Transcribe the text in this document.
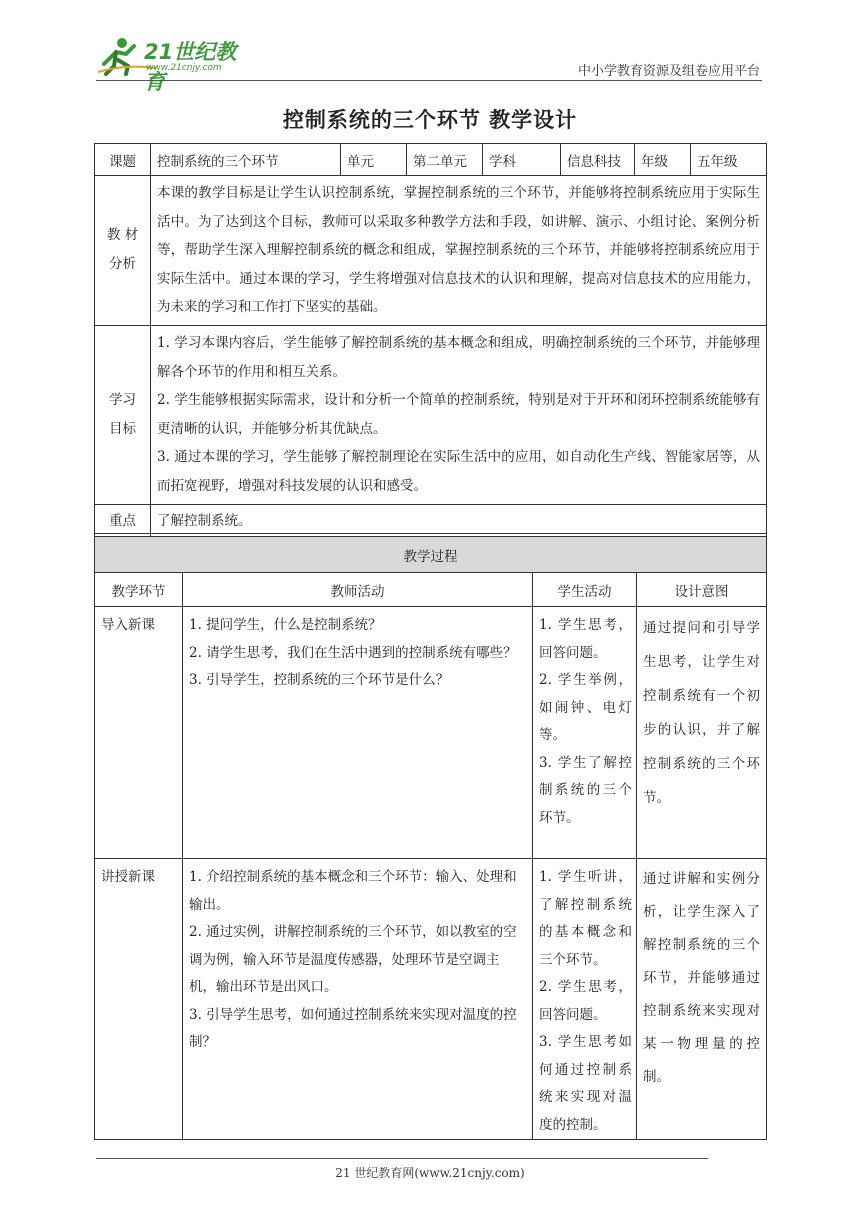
21世纪教育
www.21cnjy.com	中小学教育资源及组卷应用平台
控制系统的三个环节 教学设计
课题	控制系统的三个环节	单元	第二单元	学科	信息科技	年级	五年级

教 材
分析	本课的教学目标是让学生认识控制系统，掌握控制系统的三个环节，并能够将控制系统应用于实际生活中。为了达到这个目标，教师可以采取多种教学方法和手段，如讲解、演示、小组讨论、案例分析等，帮助学生深入理解控制系统的概念和组成，掌握控制系统的三个环节，并能够将控制系统应用于实际生活中。通过本课的学习，学生将增强对信息技术的认识和理解，提高对信息技术的应用能力，为未来的学习和工作打下坚实的基础。						

学习
目标	1. 学习本课内容后，学生能够了解控制系统的基本概念和组成，明确控制系统的三个环节，并能够理解各个环节的作用和相互关系。
2. 学生能够根据实际需求，设计和分析一个简单的控制系统，特别是对于开环和闭环控制系统能够有更清晰的认识，并能够分析其优缺点。
3. 通过本课的学习，学生能够了解控制理论在实际生活中的应用，如自动化生产线、智能家居等，从而拓宽视野，增强对科技发展的认识和感受。						

重点	了解控制系统。						

教学过程			
教学环节	教师活动	学生活动	设计意图
导入新课	1. 提问学生，什么是控制系统？
2. 请学生思考，我们在生活中遇到的控制系统有哪些？
3. 引导学生，控制系统的三个环节是什么？	1. 学生思考，回答问题。
2. 学生举例，如闹钟、电灯等。
3. 学生了解控制系统的三个环节。	通过提问和引导学生思考，让学生对控制系统有一个初步的认识，并了解控制系统的三个环节。
讲授新课	1. 介绍控制系统的基本概念和三个环节：输入、处理和输出。
2. 通过实例，讲解控制系统的三个环节，如以教室的空调为例，输入环节是温度传感器，处理环节是空调主机，输出环节是出风口。
3. 引导学生思考，如何通过控制系统来实现对温度的控制？	1. 学生听讲，了解控制系统的基本概念和三个环节。
2. 学生思考，回答问题。
3. 学生思考如何通过控制系统来实现对温度的控制。	通过讲解和实例分析，让学生深入了解控制系统的三个环节，并能够通过控制系统来实现对某一物理量的控制。
21 世纪教育网(www.21cnjy.com)
